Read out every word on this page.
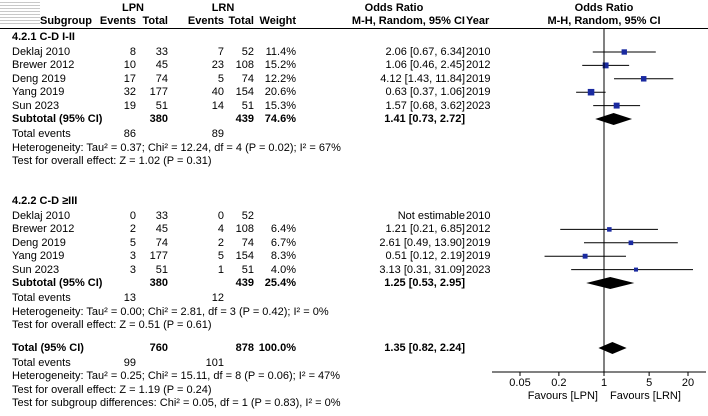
LPN	LRN	Odds Ratio
Subgroup Events Total	Events Total Weight	M-H, Random, 95% CI Year
Odds Ratio
M-H, Random, 95% CI
4.2.1 C-D I-II
Deklaj 2010	8	33	7	52	11.4%	2.06 [0.67, 6.34] 2010
Brewer 2012	10	45	23	108 15.2%	1.06 [0.46, 2.45] 2012
Deng 2019	17	74	5	74 12.2%	4.12 [1.43, 11.84] 2019
Yang 2019	32	177	40	154 20.6%	0.63 [0.37, 1.06] 2019
Sun 2023	19	51	14	51 15.3%	1.57 [0.68, 3.62] 2023
Subtotal (95% CI)	380	439 74.6%	1.41 [0.73, 2.72]
Total events	86	89
Heterogeneity: Tau² = 0.37; Chi² = 12.24, df = 4 (P = 0.02); I² = 67%
Test for overall effect: Z = 1.02 (P = 0.31)
4.2.2 C-D ≥III
Deklaj 2010	0	33	0	52	Not estimable 2010
Brewer 2012	2	45	4	108	6.4%	1.21 [0.21, 6.85] 2012
Deng 2019	5	74	2	74	6.7%	2.61 [0.49, 13.90] 2019
Yang 2019	3	177	5	154	8.3%	0.51 [0.12, 2.19] 2019
Sun 2023	3	51	1	51	4.0%	3.13 [0.31, 31.09] 2023
Subtotal (95% CI)	380	439 25.4%	1.25 [0.53, 2.95]
Total events	13	12
Heterogeneity: Tau² = 0.00; Chi² = 2.81, df = 3 (P = 0.42); I² = 0%
Test for overall effect: Z = 0.51 (P = 0.61)
Total (95% CI)	760	878 100.0%	1.35 [0.82, 2.24]
Total events	99	101
Heterogeneity: Tau² = 0.25; Chi² = 15.11, df = 8 (P = 0.06); I² = 47%
Test for overall effect: Z = 1.19 (P = 0.24)
Test for subgroup differences: Chi² = 0.05, df = 1 (P = 0.83), I² = 0%
0.05 0.2	1	5	20
Favours [LPN] Favours [LRN]
